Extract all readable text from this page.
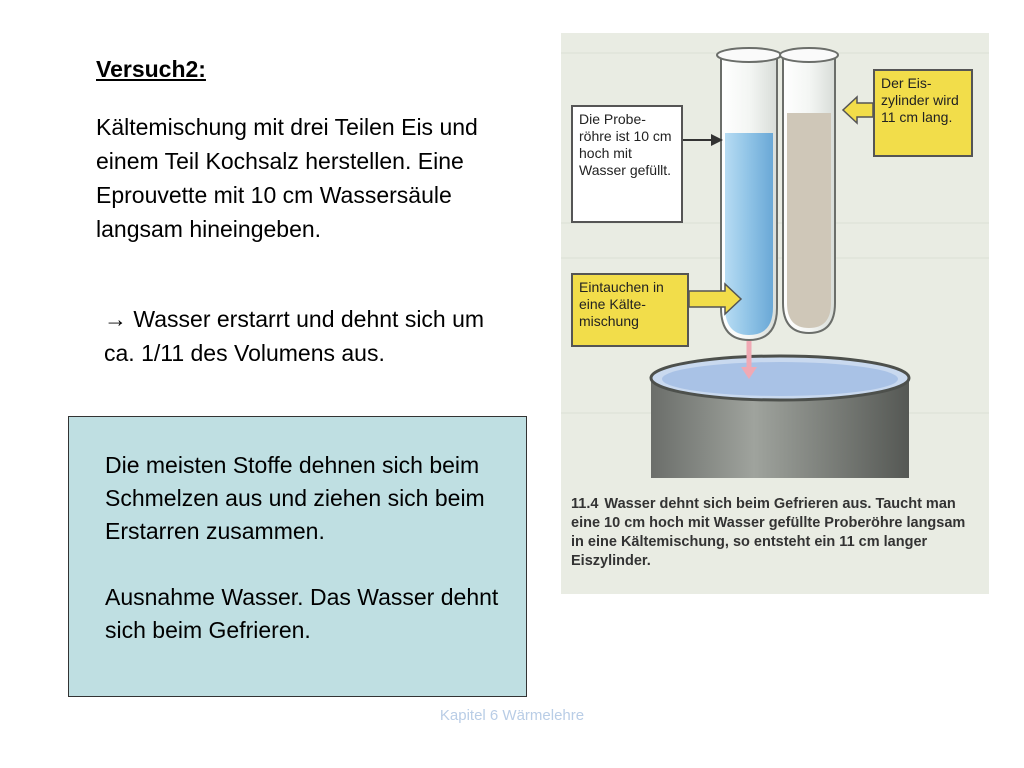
Versuch2:
Kältemischung mit drei Teilen Eis und einem Teil Kochsalz herstellen. Eine Eprouvette mit 10 cm Wassersäule langsam hineingeben.
→ Wasser erstarrt und dehnt sich um ca. 1/11 des Volumens aus.

Die meisten Stoffe dehnen sich beim Schmelzen aus und ziehen sich beim Erstarren zusammen.

Ausnahme Wasser. Das Wasser dehnt sich beim Gefrieren.

Die Probe-röhre ist 10 cm hoch mit Wasser gefüllt.
Der Eis-zylinder wird 11 cm lang.
Eintauchen in eine Kälte-mischung
11.4 Wasser dehnt sich beim Gefrieren aus. Taucht man eine 10 cm hoch mit Wasser gefüllte Proberöhre langsam in eine Kältemischung, so entsteht ein 11 cm langer Eiszylinder.
Kapitel 6 Wärmelehre
